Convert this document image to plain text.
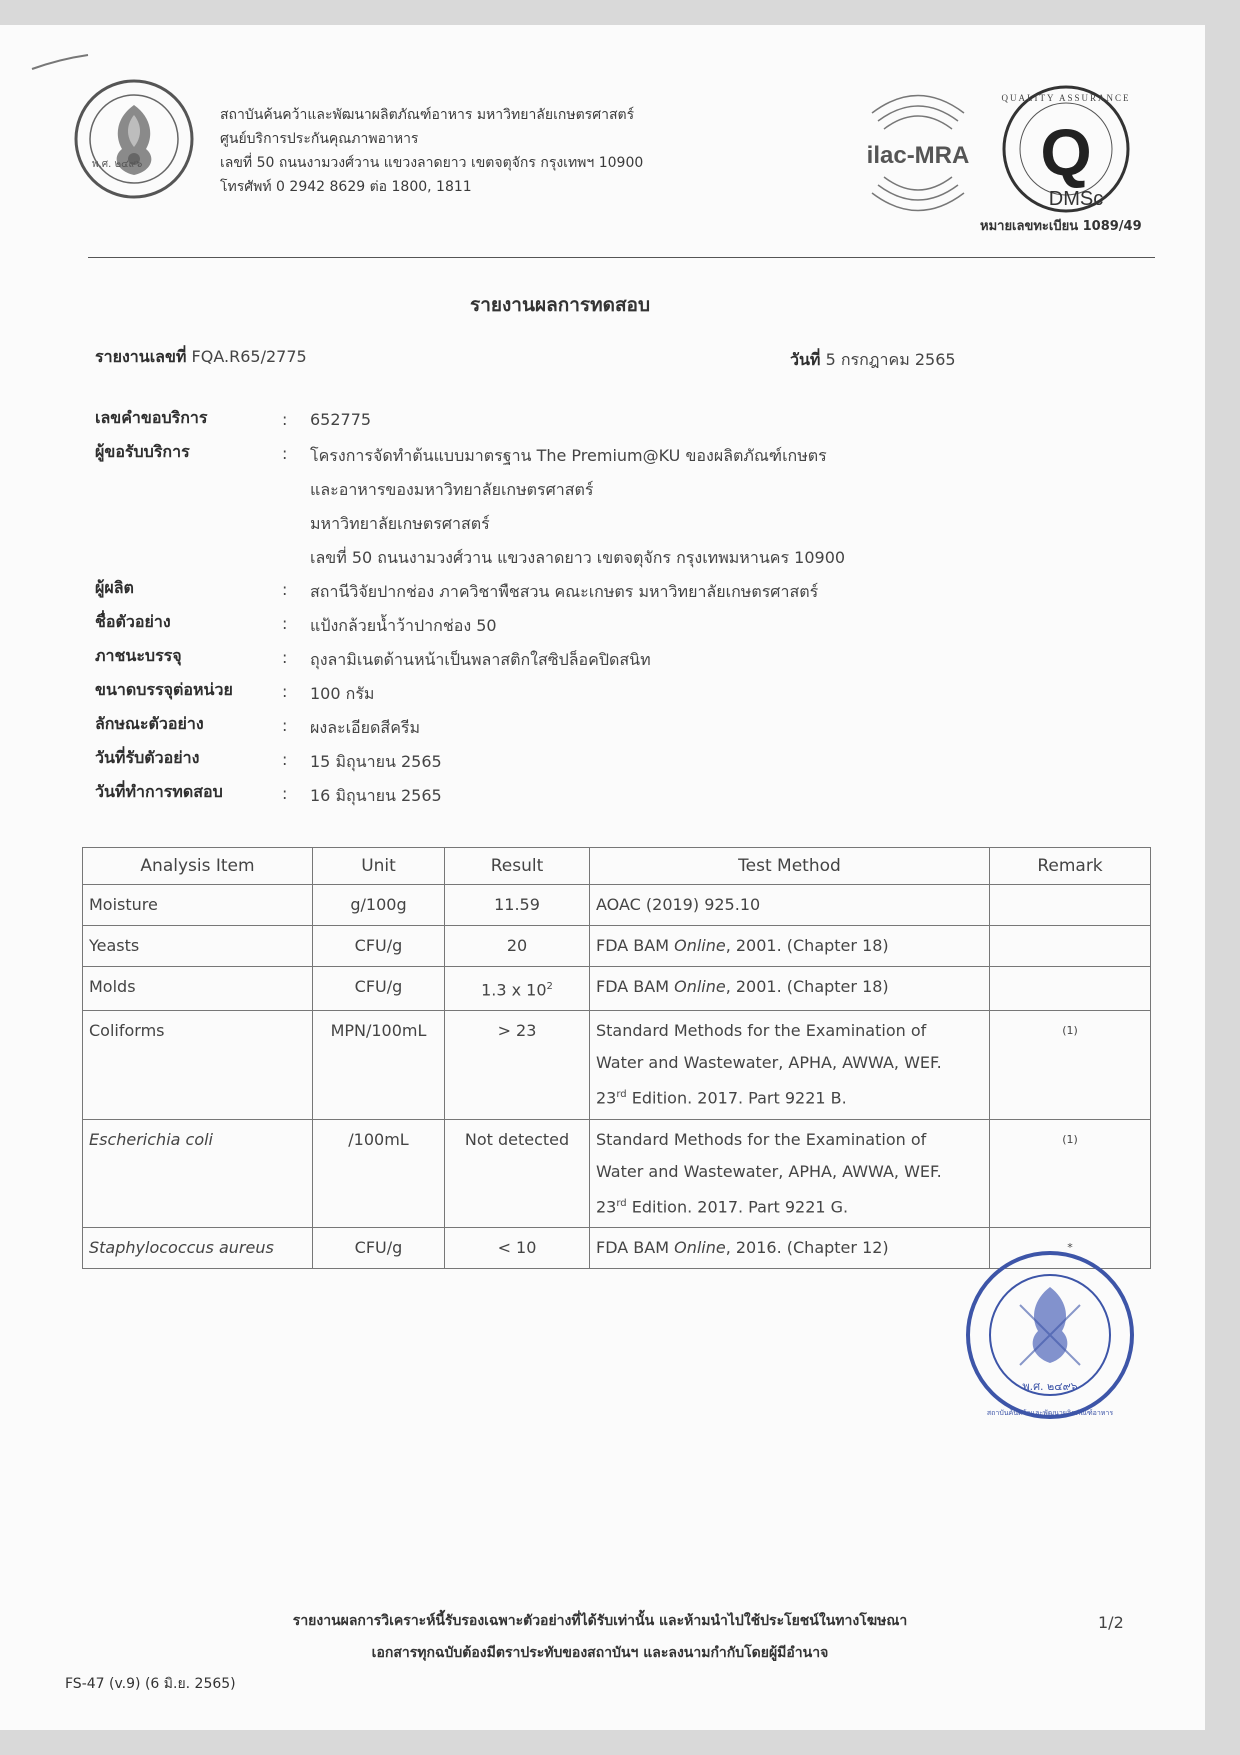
พ.ศ. ๒๔๙๖
สถาบันค้นคว้าและพัฒนาผลิตภัณฑ์อาหาร มหาวิทยาลัยเกษตรศาสตร์
ศูนย์บริการประกันคุณภาพอาหาร
เลขที่ 50 ถนนงามวงศ์วาน แขวงลาดยาว เขตจตุจักร กรุงเทพฯ 10900
โทรศัพท์ 0 2942 8629 ต่อ 1800, 1811
ilac-MRA Q
QUALITY ASSURANCE
DMSc
หมายเลขทะเบียน 1089/49
รายงานผลการทดสอบ
รายงานเลขที่ FQA.R65/2775	วันที่ 5 กรกฎาคม 2565
เลขคำขอบริการ	: 652775
ผู้ขอรับบริการ	: โครงการจัดทำต้นแบบมาตรฐาน The Premium@KU ของผลิตภัณฑ์เกษตร
และอาหารของมหาวิทยาลัยเกษตรศาสตร์
มหาวิทยาลัยเกษตรศาสตร์
เลขที่ 50 ถนนงามวงศ์วาน แขวงลาดยาว เขตจตุจักร กรุงเทพมหานคร 10900
ผู้ผลิต	: สถานีวิจัยปากช่อง ภาควิชาพืชสวน คณะเกษตร มหาวิทยาลัยเกษตรศาสตร์
ชื่อตัวอย่าง	: แป้งกล้วยน้ำว้าปากช่อง 50
ภาชนะบรรจุ	: ถุงลามิเนตด้านหน้าเป็นพลาสติกใสซิปล็อคปิดสนิท
ขนาดบรรจุต่อหน่วย	: 100 กรัม
ลักษณะตัวอย่าง	: ผงละเอียดสีครีม
วันที่รับตัวอย่าง	: 15 มิถุนายน 2565
วันที่ทำการทดสอบ	: 16 มิถุนายน 2565
Analysis Item	Unit	Result	Test Method	Remark
Moisture	g/100g	11.59	AOAC (2019) 925.10	
Yeasts	CFU/g	20	FDA BAM Online, 2001. (Chapter 18)	
Molds	CFU/g	1.3 x $10^2$	FDA BAM Online, 2001. (Chapter 18)	
Coliforms	MPN/100mL	> 23	Standard Methods for the Examination of
Water and Wastewater, APHA, AWWA, WEF.
23rd Edition. 2017. Part 9221 B.	(1)
Escherichia coli	/100mL	Not detected	Standard Methods for the Examination of
Water and Wastewater, APHA, AWWA, WEF.
23rd Edition. 2017. Part 9221 G.	(1)
Staphylococcus aureus	CFU/g	< 10	FDA BAM Online, 2016. (Chapter 12)	*
พ.ศ. ๒๔๙๖
สถาบันค้นคว้าและพัฒนาผลิตภัณฑ์อาหาร
รายงานผลการวิเคราะห์นี้รับรองเฉพาะตัวอย่างที่ได้รับเท่านั้น และห้ามนำไปใช้ประโยชน์ในทางโฆษณา
เอกสารทุกฉบับต้องมีตราประทับของสถาบันฯ และลงนามกำกับโดยผู้มีอำนาจ
1/2
FS-47 (v.9) (6 มิ.ย. 2565)
